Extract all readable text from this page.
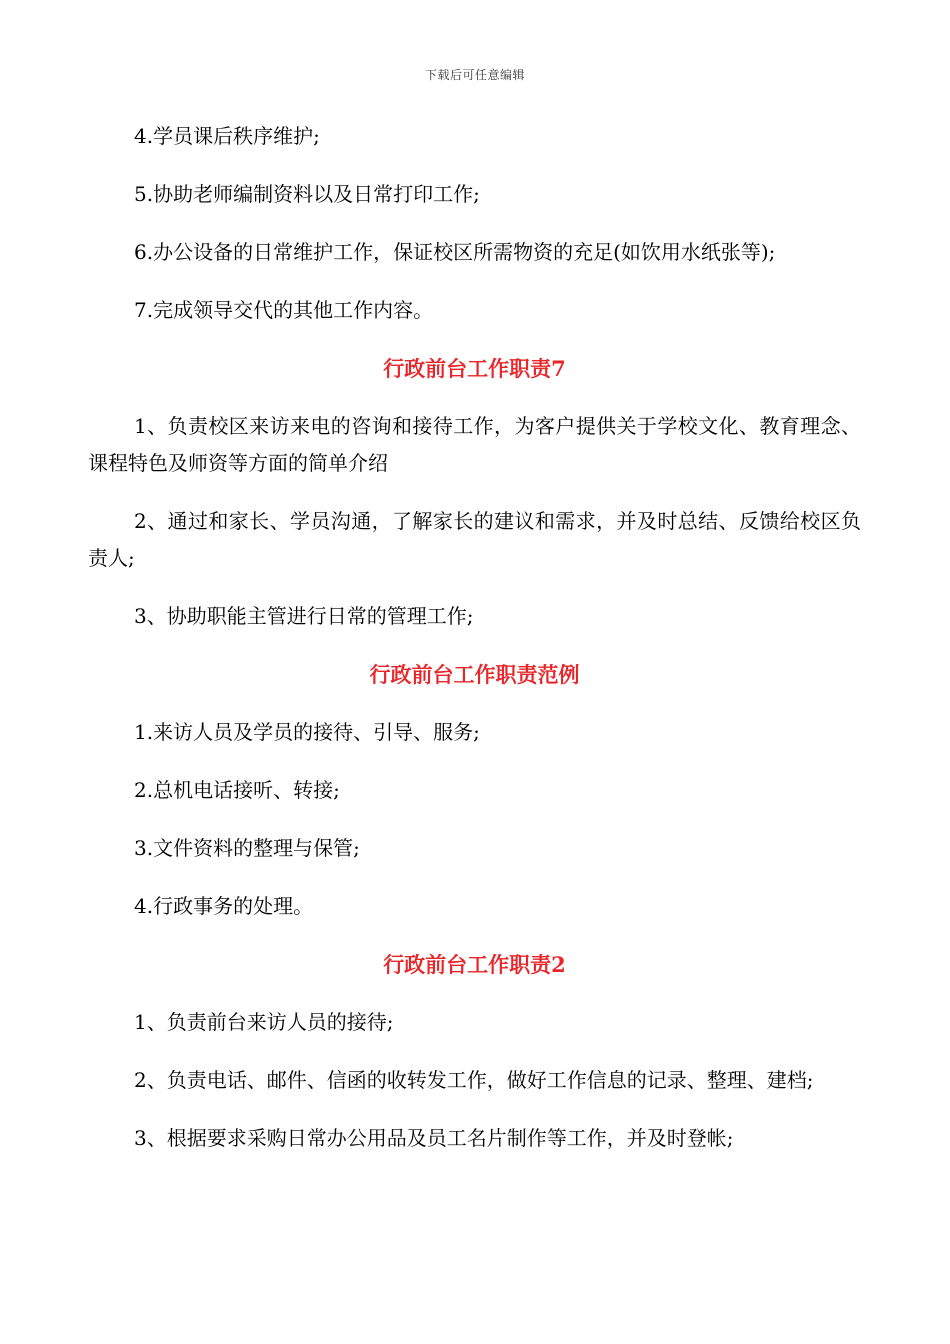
下载后可任意编辑

4.学员课后秩序维护;

5.协助老师编制资料以及日常打印工作;

6.办公设备的日常维护工作，保证校区所需物资的充足(如饮用水纸张等);

7.完成领导交代的其他工作内容。

行政前台工作职责7

1、负责校区来访来电的咨询和接待工作，为客户提供关于学校文化、教育理念、课程特色及师资等方面的简单介绍

2、通过和家长、学员沟通，了解家长的建议和需求，并及时总结、反馈给校区负责人;

3、协助职能主管进行日常的管理工作;

行政前台工作职责范例

1.来访人员及学员的接待、引导、服务;

2.总机电话接听、转接;

3.文件资料的整理与保管;

4.行政事务的处理。

行政前台工作职责2

1、负责前台来访人员的接待;

2、负责电话、邮件、信函的收转发工作，做好工作信息的记录、整理、建档;

3、根据要求采购日常办公用品及员工名片制作等工作，并及时登帐;
